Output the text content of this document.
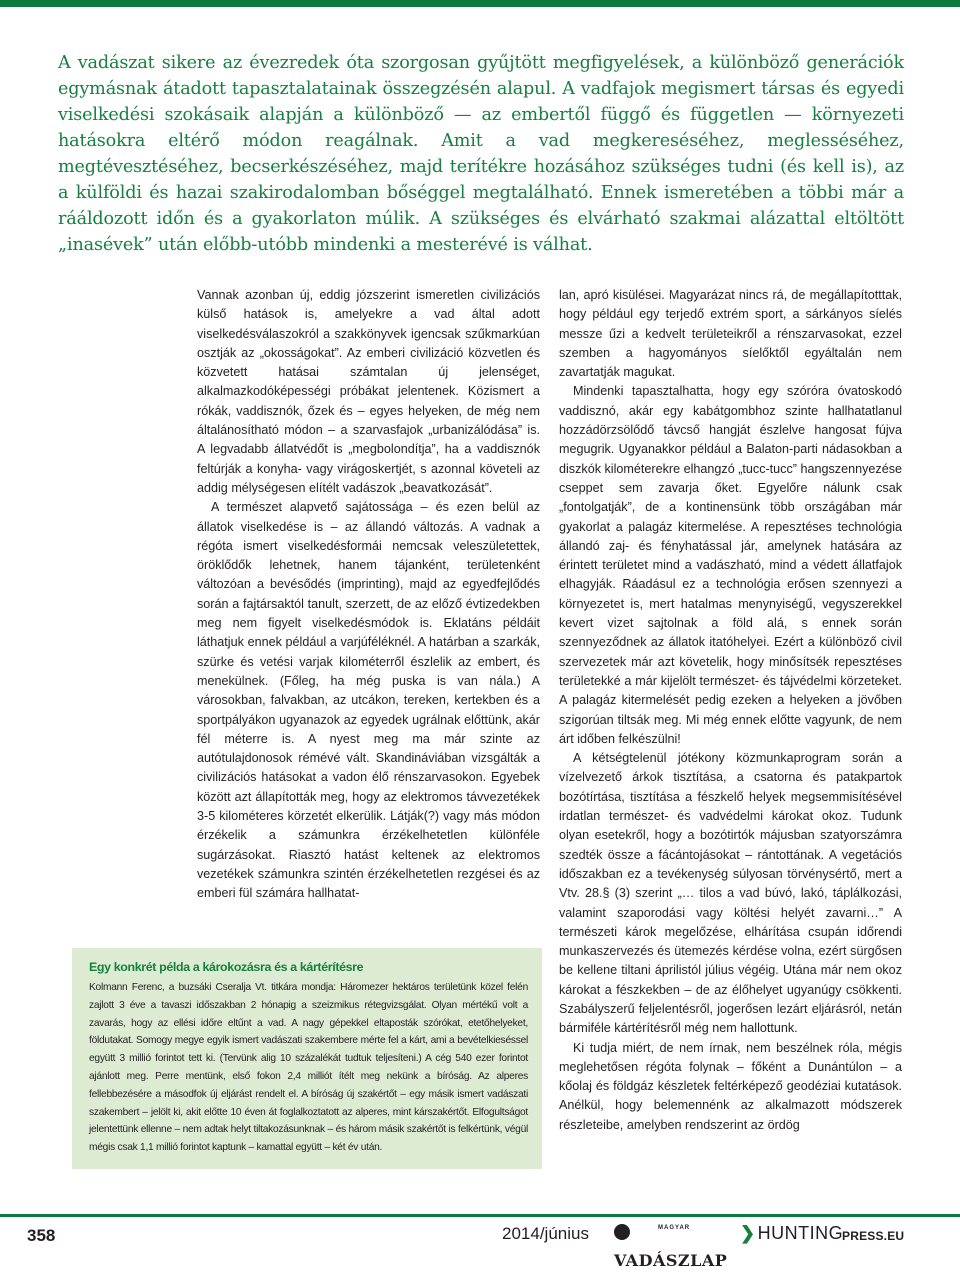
A vadászat sikere az évezredek óta szorgosan gyűjtött megfigyelések, a különböző generációk egymásnak átadott tapasztalatainak összegzésén alapul. A vadfajok megismert társas és egyedi viselkedési szokásaik alapján a különböző — az embertől függő és független — környezeti hatásokra eltérő módon reagálnak. Amit a vad megkereséséhez, meglesséséhez, megtévesztéséhez, becserkészéséhez, majd terítékre hozásához szükséges tudni (és kell is), az a külföldi és hazai szakirodalomban bőséggel megtalálható. Ennek ismeretében a többi már a rááldozott időn és a gyakorlaton múlik. A szükséges és elvárható szakmai alázattal eltöltött „inasévek” után előbb-utóbb mindenki a mesterévé is válhat.

Vannak azonban új, eddig józszerint ismeretlen civilizációs külső hatások is, amelyekre a vad által adott viselkedésválaszokról a szakkönyvek igencsak szűkmarkúan osztják az „okosságokat”. Az emberi civilizáció közvetlen és közvetett hatásai számtalan új jelenséget, alkalmazkodóképességi próbákat jelentenek. Közismert a rókák, vaddisznók, őzek és – egyes helyeken, de még nem általánosítható módon – a szarvasfajok „urbanizálódása” is. A legvadabb állatvédőt is „megbolondítja”, ha a vaddisznók feltúrják a konyha- vagy virágoskertjét, s azonnal követeli az addig mélységesen elítélt vadászok „beavatkozását”.

A természet alapvető sajátossága – és ezen belül az állatok viselkedése is – az állandó változás. A vadnak a régóta ismert viselkedésformái nemcsak veleszületettek, öröklődők lehetnek, hanem tájanként, területenként változóan a bevésődés (imprinting), majd az egyedfejlődés során a fajtársaktól tanult, szerzett, de az előző évtizedekben meg nem figyelt viselkedésmódok is. Eklatáns példáit láthatjuk ennek például a varjúféléknél. A határban a szarkák, szürke és vetési varjak kilométerről észlelik az embert, és menekülnek. (Főleg, ha még puska is van nála.) A városokban, falvakban, az utcákon, tereken, kertekben és a sportpályákon ugyanazok az egyedek ugrálnak előttünk, akár fél méterre is. A nyest meg ma már szinte az autótulajdonosok rémévé vált. Skandináviában vizsgálták a civilizációs hatásokat a vadon élő rénszarvasokon. Egyebek között azt állapították meg, hogy az elektromos távvezetékek 3-5 kilométeres körzetét elkerülik. Látják(?) vagy más módon érzékelik a számunkra érzékelhetetlen különféle sugárzásokat. Riasztó hatást keltenek az elektromos vezetékek számunkra szintén érzékelhetetlen rezgései és az emberi fül számára hallhatat-

lan, apró kisülései. Magyarázat nincs rá, de megállapítotttak, hogy például egy terjedő extrém sport, a sárkányos síelés messze űzi a kedvelt területeikről a rénszarvasokat, ezzel szemben a hagyományos síelőktől egyáltalán nem zavartatják magukat.

Mindenki tapasztalhatta, hogy egy szóróra óvatoskodó vaddisznó, akár egy kabátgombhoz szinte hallhatatlanul hozzádörzsölődő távcső hangját észlelve hangosat fújva megugrik. Ugyanakkor például a Balaton-parti nádasokban a diszkók kilométerekre elhangzó „tucc-tucc” hangszennyezése cseppet sem zavarja őket. Egyelőre nálunk csak „fontolgatják”, de a kontinensünk több országában már gyakorlat a palagáz kitermelése. A repesztéses technológia állandó zaj- és fényhatással jár, amelynek hatására az érintett területet mind a vadászható, mind a védett állatfajok elhagyják. Ráadásul ez a technológia erősen szennyezi a környezetet is, mert hatalmas menynyiségű, vegyszerekkel kevert vizet sajtolnak a föld alá, s ennek során szennyeződnek az állatok itatóhelyei. Ezért a különböző civil szervezetek már azt követelik, hogy minősítsék repesztéses területekké a már kijelölt természet- és tájvédelmi körzeteket. A palagáz kitermelését pedig ezeken a helyeken a jövőben szigorúan tiltsák meg. Mi még ennek előtte vagyunk, de nem árt időben felkészülni!

A kétségtelenül jótékony közmunkaprogram során a vízelvezető árkok tisztítása, a csatorna és patakpartok bozótírtása, tisztítása a fészkelő helyek megsemmisítésével irdatlan természet- és vadvédelmi károkat okoz. Tudunk olyan esetekről, hogy a bozótirtók májusban szatyorszámra szedték össze a fácántojásokat – rántottának. A vegetációs időszakban ez a tevékenység súlyosan törvénysértő, mert a Vtv. 28.§ (3) szerint „… tilos a vad búvó, lakó, táplálkozási, valamint szaporodási vagy költési helyét zavarni…” A természeti károk megelőzése, elhárítása csupán időrendi munkaszervezés és ütemezés kérdése volna, ezért sürgősen be kellene tiltani áprilistól július végéig. Utána már nem okoz károkat a fészkekben – de az élőhelyet ugyanúgy csökkenti. Szabályszerű feljelentésről, jogerősen lezárt eljárásról, netán bármiféle kártérítésről még nem hallottunk.

Ki tudja miért, de nem írnak, nem beszélnek róla, mégis meglehetősen régóta folynak – főként a Dunántúlon – a kőolaj és földgáz készletek feltérképező geodéziai kutatások. Anélkül, hogy belemennénk az alkalmazott módszerek részleteibe, amelyben rendszerint az ördög

Egy konkrét példa a károkozásra és a kártérítésre

Kolmann Ferenc, a buzsáki Cseralja Vt. titkára mondja: Háromezer hektáros területünk közel felén zajlott 3 éve a tavaszi időszakban 2 hónapig a szeizmikus rétegvizsgálat. Olyan mértékű volt a zavarás, hogy az ellési időre eltűnt a vad. A nagy gépekkel eltaposták szórókat, etetőhelyeket, földutakat. Somogy megye egyik ismert vadászati szakembere mérte fel a kárt, ami a bevételkieséssel együtt 3 millió forintot tett ki. (Tervünk alig 10 százalékát tudtuk teljesíteni.) A cég 540 ezer forintot ajánlott meg. Perre mentünk, első fokon 2,4 milliót ítélt meg nekünk a bíróság. Az alperes fellebbezésére a másodfok új eljárást rendelt el. A bíróság új szakértőt – egy másik ismert vadászati szakembert – jelölt ki, akit előtte 10 éven át foglalkoztatott az alperes, mint kárszakértőt. Elfogultságot jelentettünk ellenne – nem adtak helyt tiltakozásunknak – és három másik szakértőt is felkértünk, végül mégis csak 1,1 millió forintot kaptunk – kamattal együtt – két év után.

358	2014/június	MAGYAR
VADÁSZLAP
❯ HUNTING
PRESS.EU
